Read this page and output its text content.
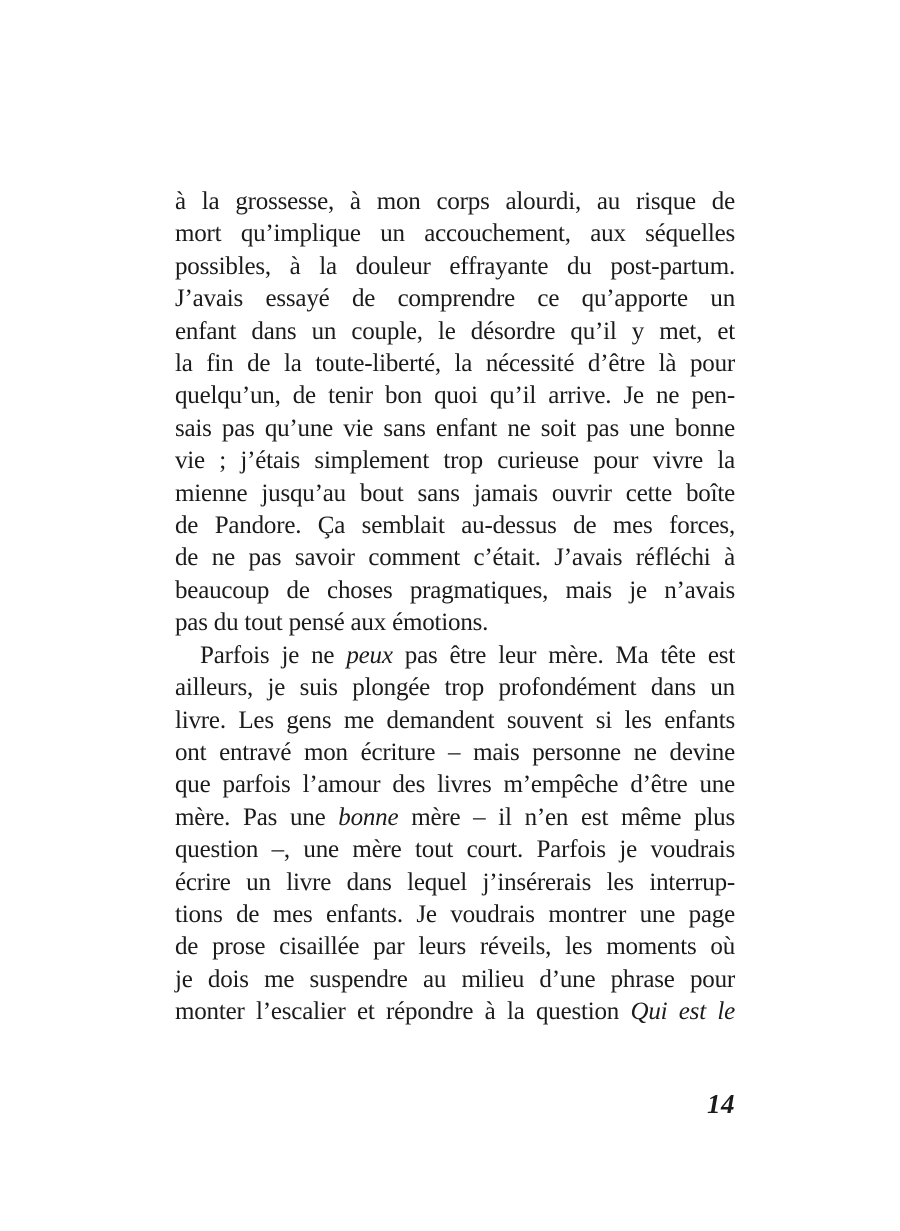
à la grossesse, à mon corps alourdi, au risque de
mort qu’implique un accouchement, aux séquelles
possibles, à la douleur effrayante du post-partum.
J’avais essayé de comprendre ce qu’apporte un
enfant dans un couple, le désordre qu’il y met, et
la fin de la toute-liberté, la nécessité d’être là pour
quelqu’un, de tenir bon quoi qu’il arrive. Je ne pen-
sais pas qu’une vie sans enfant ne soit pas une bonne
vie ; j’étais simplement trop curieuse pour vivre la
mienne jusqu’au bout sans jamais ouvrir cette boîte
de Pandore. Ça semblait au-dessus de mes forces,
de ne pas savoir comment c’était. J’avais réfléchi à
beaucoup de choses pragmatiques, mais je n’avais
pas du tout pensé aux émotions.
Parfois je ne peux pas être leur mère. Ma tête est
ailleurs, je suis plongée trop profondément dans un
livre. Les gens me demandent souvent si les enfants
ont entravé mon écriture – mais personne ne devine
que parfois l’amour des livres m’empêche d’être une
mère. Pas une bonne mère – il n’en est même plus
question –, une mère tout court. Parfois je voudrais
écrire un livre dans lequel j’insérerais les interrup-
tions de mes enfants. Je voudrais montrer une page
de prose cisaillée par leurs réveils, les moments où
je dois me suspendre au milieu d’une phrase pour
monter l’escalier et répondre à la question Qui est le
14
